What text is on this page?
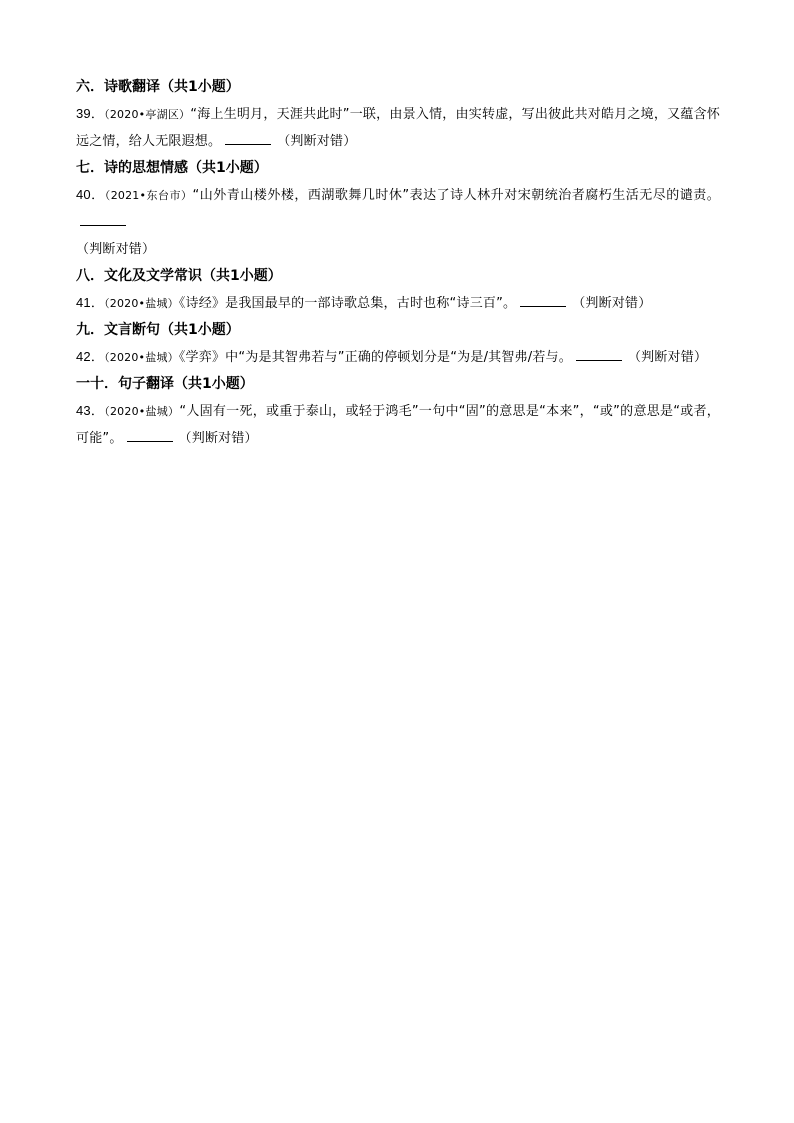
六．诗歌翻译（共1小题）
39．（2020•亭湖区）“海上生明月，天涯共此时”一联，由景入情，由实转虚，写出彼此共对皓月之境，又蕴含怀远之情，给人无限遐想。	（判断对错）
七．诗的思想情感（共1小题）
40．（2021•东台市）“山外青山楼外楼，西湖歌舞几时休”表达了诗人林升对宋朝统治者腐朽生活无尽的谴责。
（判断对错）
八．文化及文学常识（共1小题）
41．（2020•盐城）《诗经》是我国最早的一部诗歌总集，古时也称“诗三百”。	（判断对错）
九．文言断句（共1小题）
42．（2020•盐城）《学弈》中“为是其智弗若与”正确的停顿划分是“为是/其智弗/若与。	（判断对错）
一十．句子翻译（共1小题）
43．（2020•盐城）“人固有一死，或重于泰山，或轻于鸿毛”一句中“固”的意思是“本来”，“或”的意思是“或者，可能”。	（判断对错）
